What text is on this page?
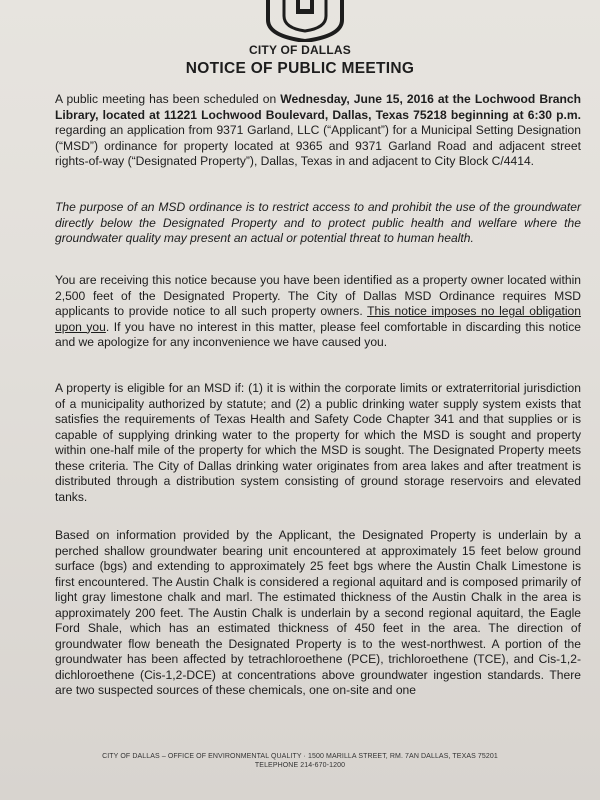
CITY OF DALLAS
NOTICE OF PUBLIC MEETING

A public meeting has been scheduled on Wednesday, June 15, 2016 at the Lochwood Branch Library, located at 11221 Lochwood Boulevard, Dallas, Texas 75218 beginning at 6:30 p.m. regarding an application from 9371 Garland, LLC (“Applicant”) for a Municipal Setting Designation (“MSD”) ordinance for property located at 9365 and 9371 Garland Road and adjacent street rights-of-way (“Designated Property”), Dallas, Texas in and adjacent to City Block C/4414.

The purpose of an MSD ordinance is to restrict access to and prohibit the use of the groundwater directly below the Designated Property and to protect public health and welfare where the groundwater quality may present an actual or potential threat to human health.

You are receiving this notice because you have been identified as a property owner located within 2,500 feet of the Designated Property. The City of Dallas MSD Ordinance requires MSD applicants to provide notice to all such property owners. This notice imposes no legal obligation upon you. If you have no interest in this matter, please feel comfortable in discarding this notice and we apologize for any inconvenience we have caused you.

A property is eligible for an MSD if: (1) it is within the corporate limits or extraterritorial jurisdiction of a municipality authorized by statute; and (2) a public drinking water supply system exists that satisfies the requirements of Texas Health and Safety Code Chapter 341 and that supplies or is capable of supplying drinking water to the property for which the MSD is sought and property within one-half mile of the property for which the MSD is sought. The Designated Property meets these criteria. The City of Dallas drinking water originates from area lakes and after treatment is distributed through a distribution system consisting of ground storage reservoirs and elevated tanks.

Based on information provided by the Applicant, the Designated Property is underlain by a perched shallow groundwater bearing unit encountered at approximately 15 feet below ground surface (bgs) and extending to approximately 25 feet bgs where the Austin Chalk Limestone is first encountered. The Austin Chalk is considered a regional aquitard and is composed primarily of light gray limestone chalk and marl. The estimated thickness of the Austin Chalk in the area is approximately 200 feet. The Austin Chalk is underlain by a second regional aquitard, the Eagle Ford Shale, which has an estimated thickness of 450 feet in the area. The direction of groundwater flow beneath the Designated Property is to the west-northwest. A portion of the groundwater has been affected by tetrachloroethene (PCE), trichloroethene (TCE), and Cis-1,2-dichloroethene (Cis-1,2-DCE) at concentrations above groundwater ingestion standards. There are two suspected sources of these chemicals, one on-site and one

CITY OF DALLAS – OFFICE OF ENVIRONMENTAL QUALITY · 1500 MARILLA STREET, RM. 7AN DALLAS, TEXAS 75201
TELEPHONE 214-670-1200
